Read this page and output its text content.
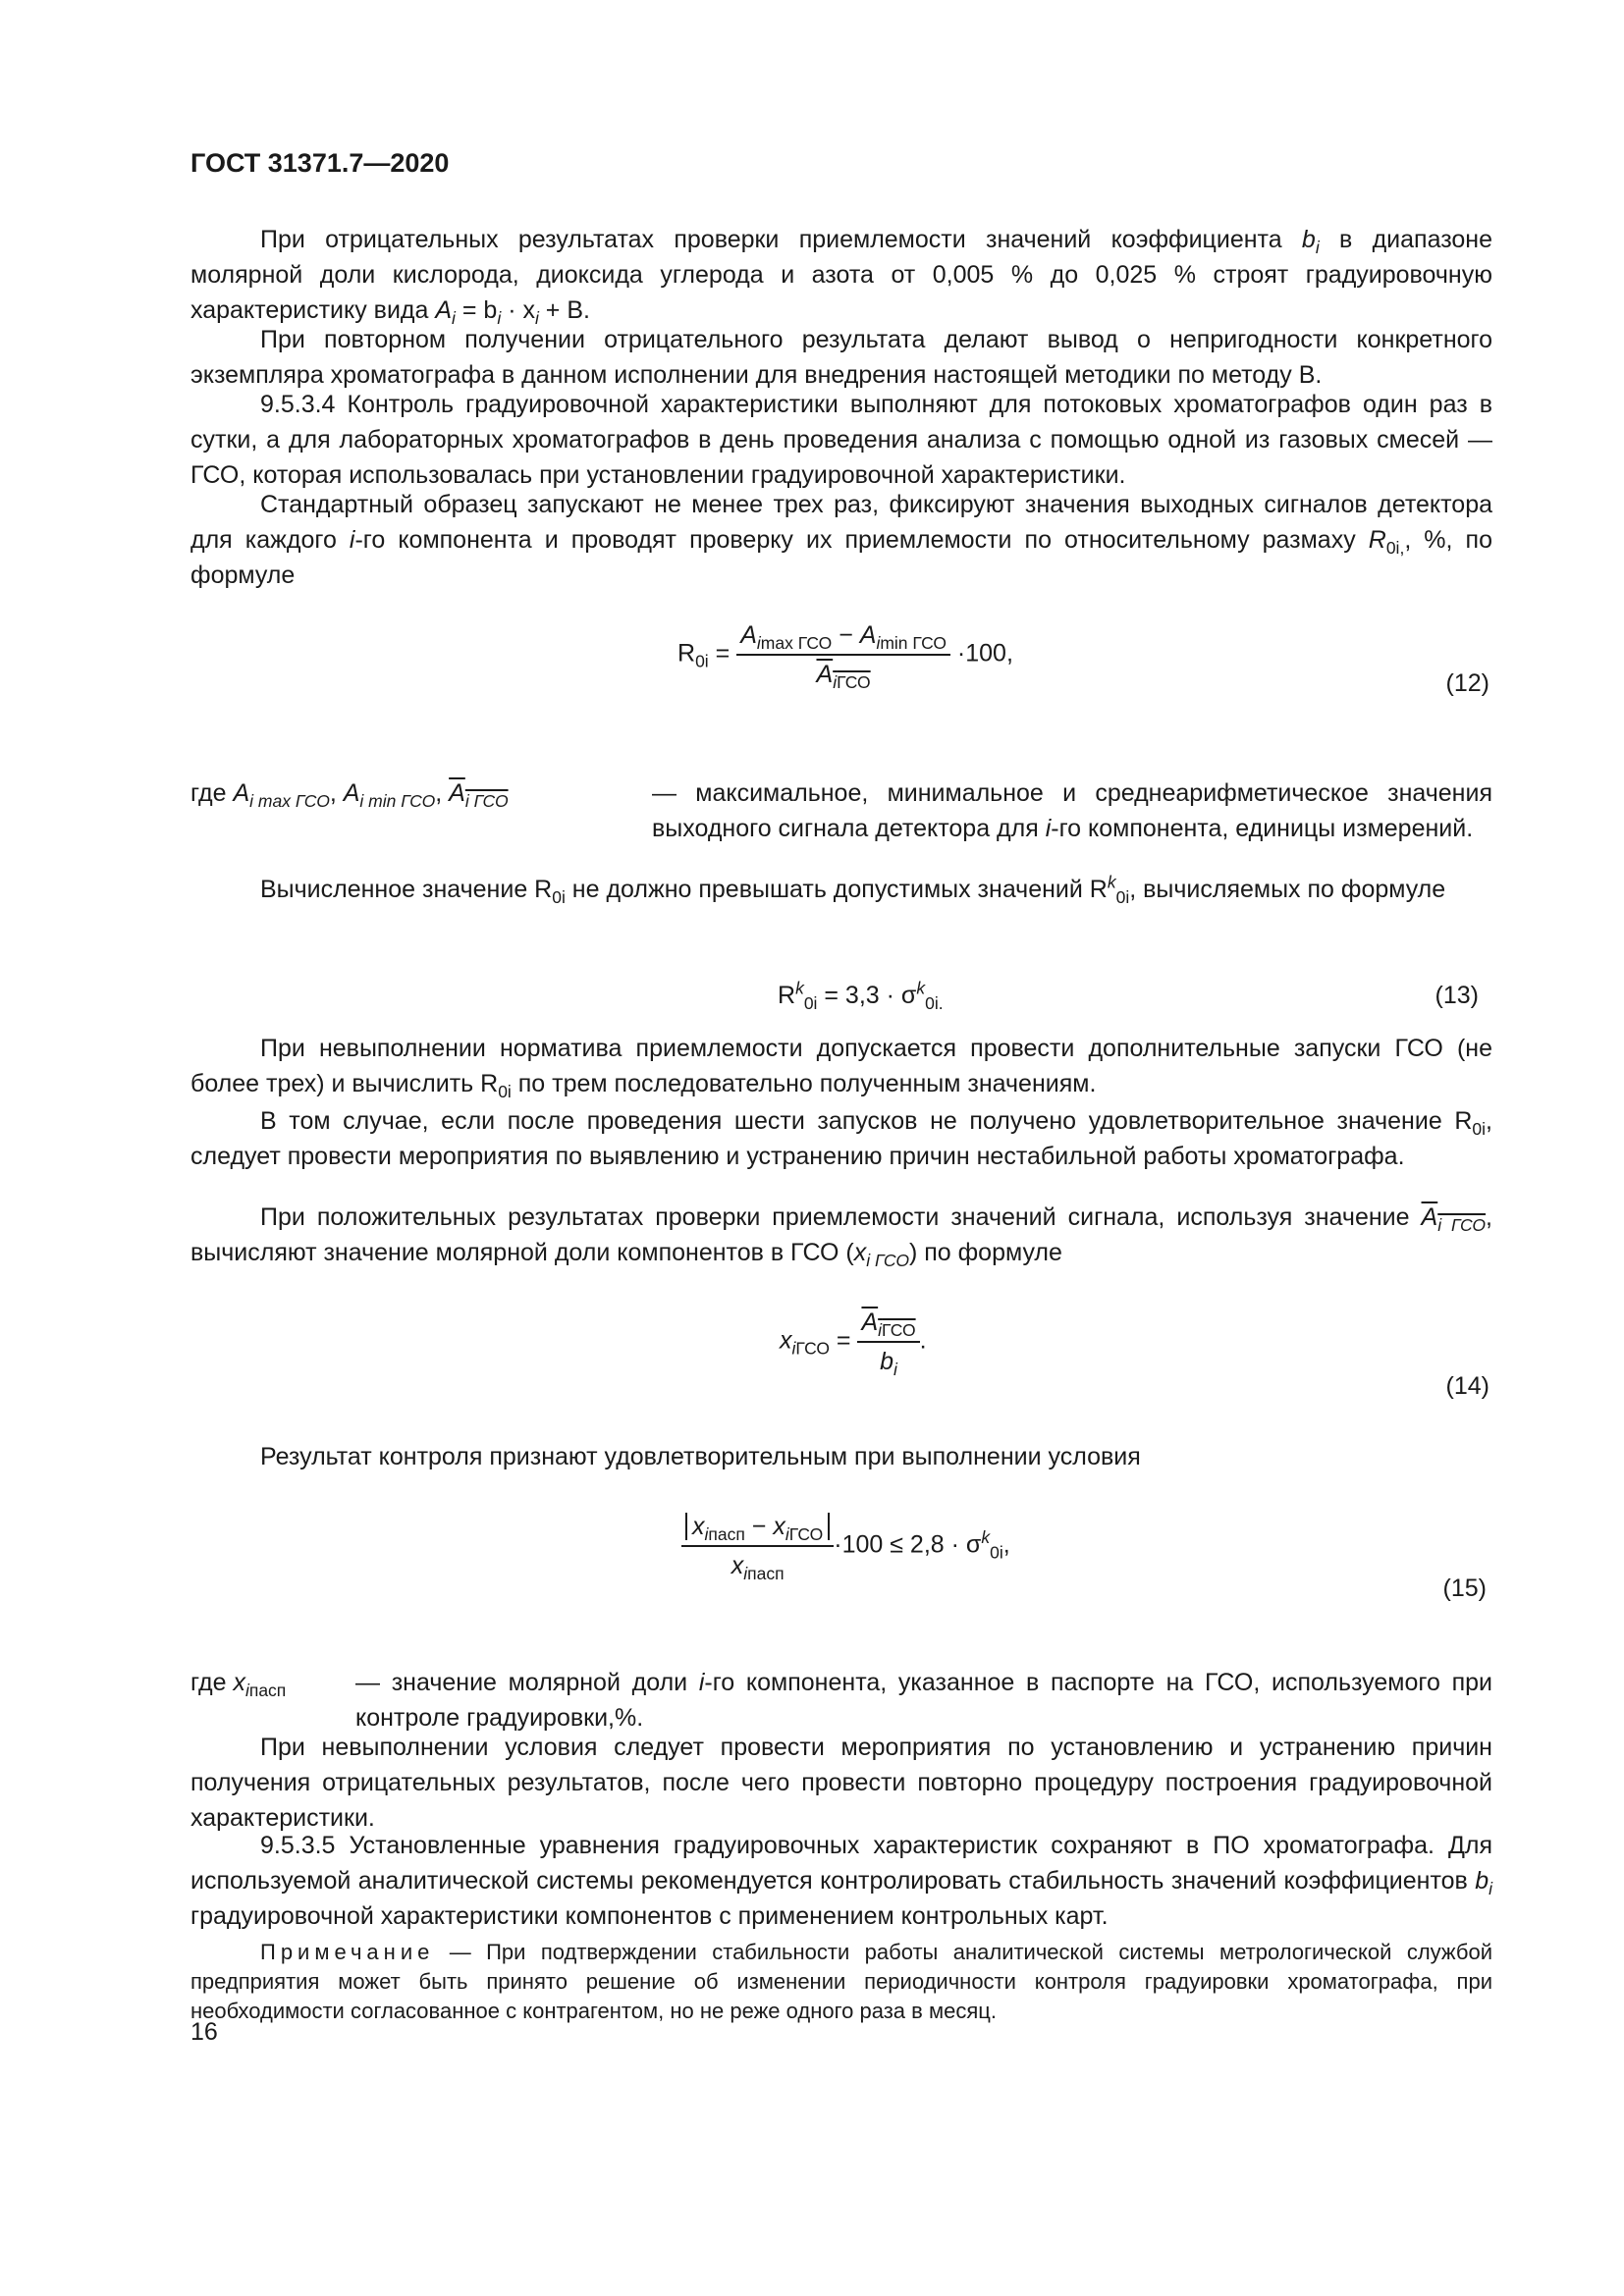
ГОСТ 31371.7—2020

При отрицательных результатах проверки приемлемости значений коэффициента $b_i$ в диапазоне молярной доли кислорода, диоксида углерода и азота от 0,005 % до 0,025 % строят градуировочную характеристику вида $A_i = b_i \cdot x_i + B$.

При повторном получении отрицательного результата делают вывод о непригодности конкретного экземпляра хроматографа в данном исполнении для внедрения настоящей методики по методу В.

9.5.3.4 Контроль градуировочной характеристики выполняют для потоковых хроматографов один раз в сутки, а для лабораторных хроматографов в день проведения анализа с помощью одной из газовых смесей — ГСО, которая использовалась при установлении градуировочной характеристики.

Стандартный образец запускают не менее трех раз, фиксируют значения выходных сигналов детектора для каждого i-го компонента и проводят проверку их приемлемости по относительному размаху $R_{0i,}$, %, по формуле

$R_{0i} = \frac{A_{imax ГСО} - A_{imin ГСО}}{A_{iГСО}} \cdot 100$,
(12)
где $A_{i max ГСО}$, $A_{i min ГСО}$, $A_{i ГСО}$	— максимальное, минимальное и среднеарифметическое значения выходного сигнала детектора для i-го компонента, единицы измерений.

Вычисленное значение $R_{0i}$ не должно превышать допустимых значений $R^k_{0i}$, вычисляемых по формуле

$R^k_{0i} = 3,3 \cdot \sigma^k_{0i.}$	(13)

При невыполнении норматива приемлемости допускается провести дополнительные запуски ГСО (не более трех) и вычислить $R_{0i}$ по трем последовательно полученным значениям.

В том случае, если после проведения шести запусков не получено удовлетворительное значение $R_{0i}$, следует провести мероприятия по выявлению и устранению причин нестабильной работы хроматографа.

При положительных результатах проверки приемлемости значений сигнала, используя значение $A_{i ГСО}$, вычисляют значение молярной доли компонентов в ГСО $(x_{i ГСО})$ по формуле

$x_{iГСО} = \frac{A_{iГСО}}{b_i}$ .
(14)

Результат контроля признают удовлетворительным при выполнении условия

$\frac{x_{iпасп} - x_{iГСО}}{x_{iпасп}} \cdot 100 \le 2,8 \cdot \sigma^k_{0i}$,
(15)
где $x_{iпасп}$	— значение молярной доли i-го компонента, указанное в паспорте на ГСО, используемого при контроле градуировки,%.

При невыполнении условия следует провести мероприятия по установлению и устранению причин получения отрицательных результатов, после чего провести повторно процедуру построения градуировочной характеристики.

9.5.3.5 Установленные уравнения градуировочных характеристик сохраняют в ПО хроматографа. Для используемой аналитической системы рекомендуется контролировать стабильность значений коэффициентов $b_i$ градуировочной характеристики компонентов с применением контрольных карт.

Примечание — При подтверждении стабильности работы аналитической системы метрологической службой предприятия может быть принято решение об изменении периодичности контроля градуировки хроматографа, при необходимости согласованное с контрагентом, но не реже одного раза в месяц.

16
